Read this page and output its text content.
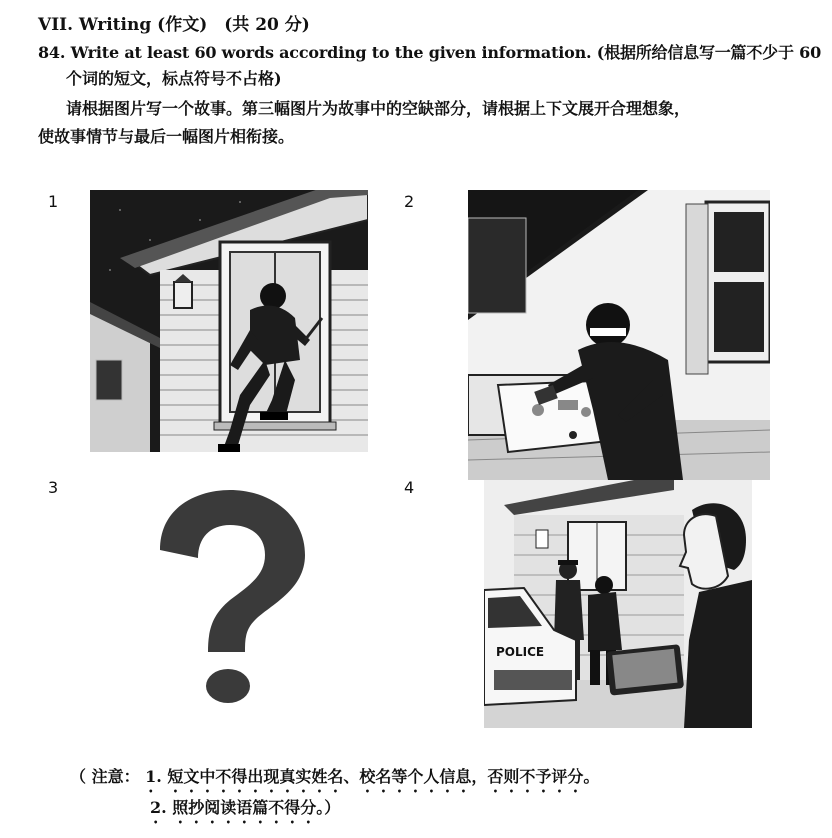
VII. Writing (作文)　(共 20 分)
84. Write at least 60 words according to the given information. (根据所给信息写一篇不少于 60
个词的短文，标点符号不占格)
请根据图片写一个故事。第三幅图片为故事中的空缺部分，请根据上下文展开合理想象，
使故事情节与最后一幅图片相衔接。
1	2
3	4
POLICE
（ 注意： 1. 短文中不得出现真实姓名、校名等个人信息，否则不予评分。
2. 照抄阅读语篇不得分。）
